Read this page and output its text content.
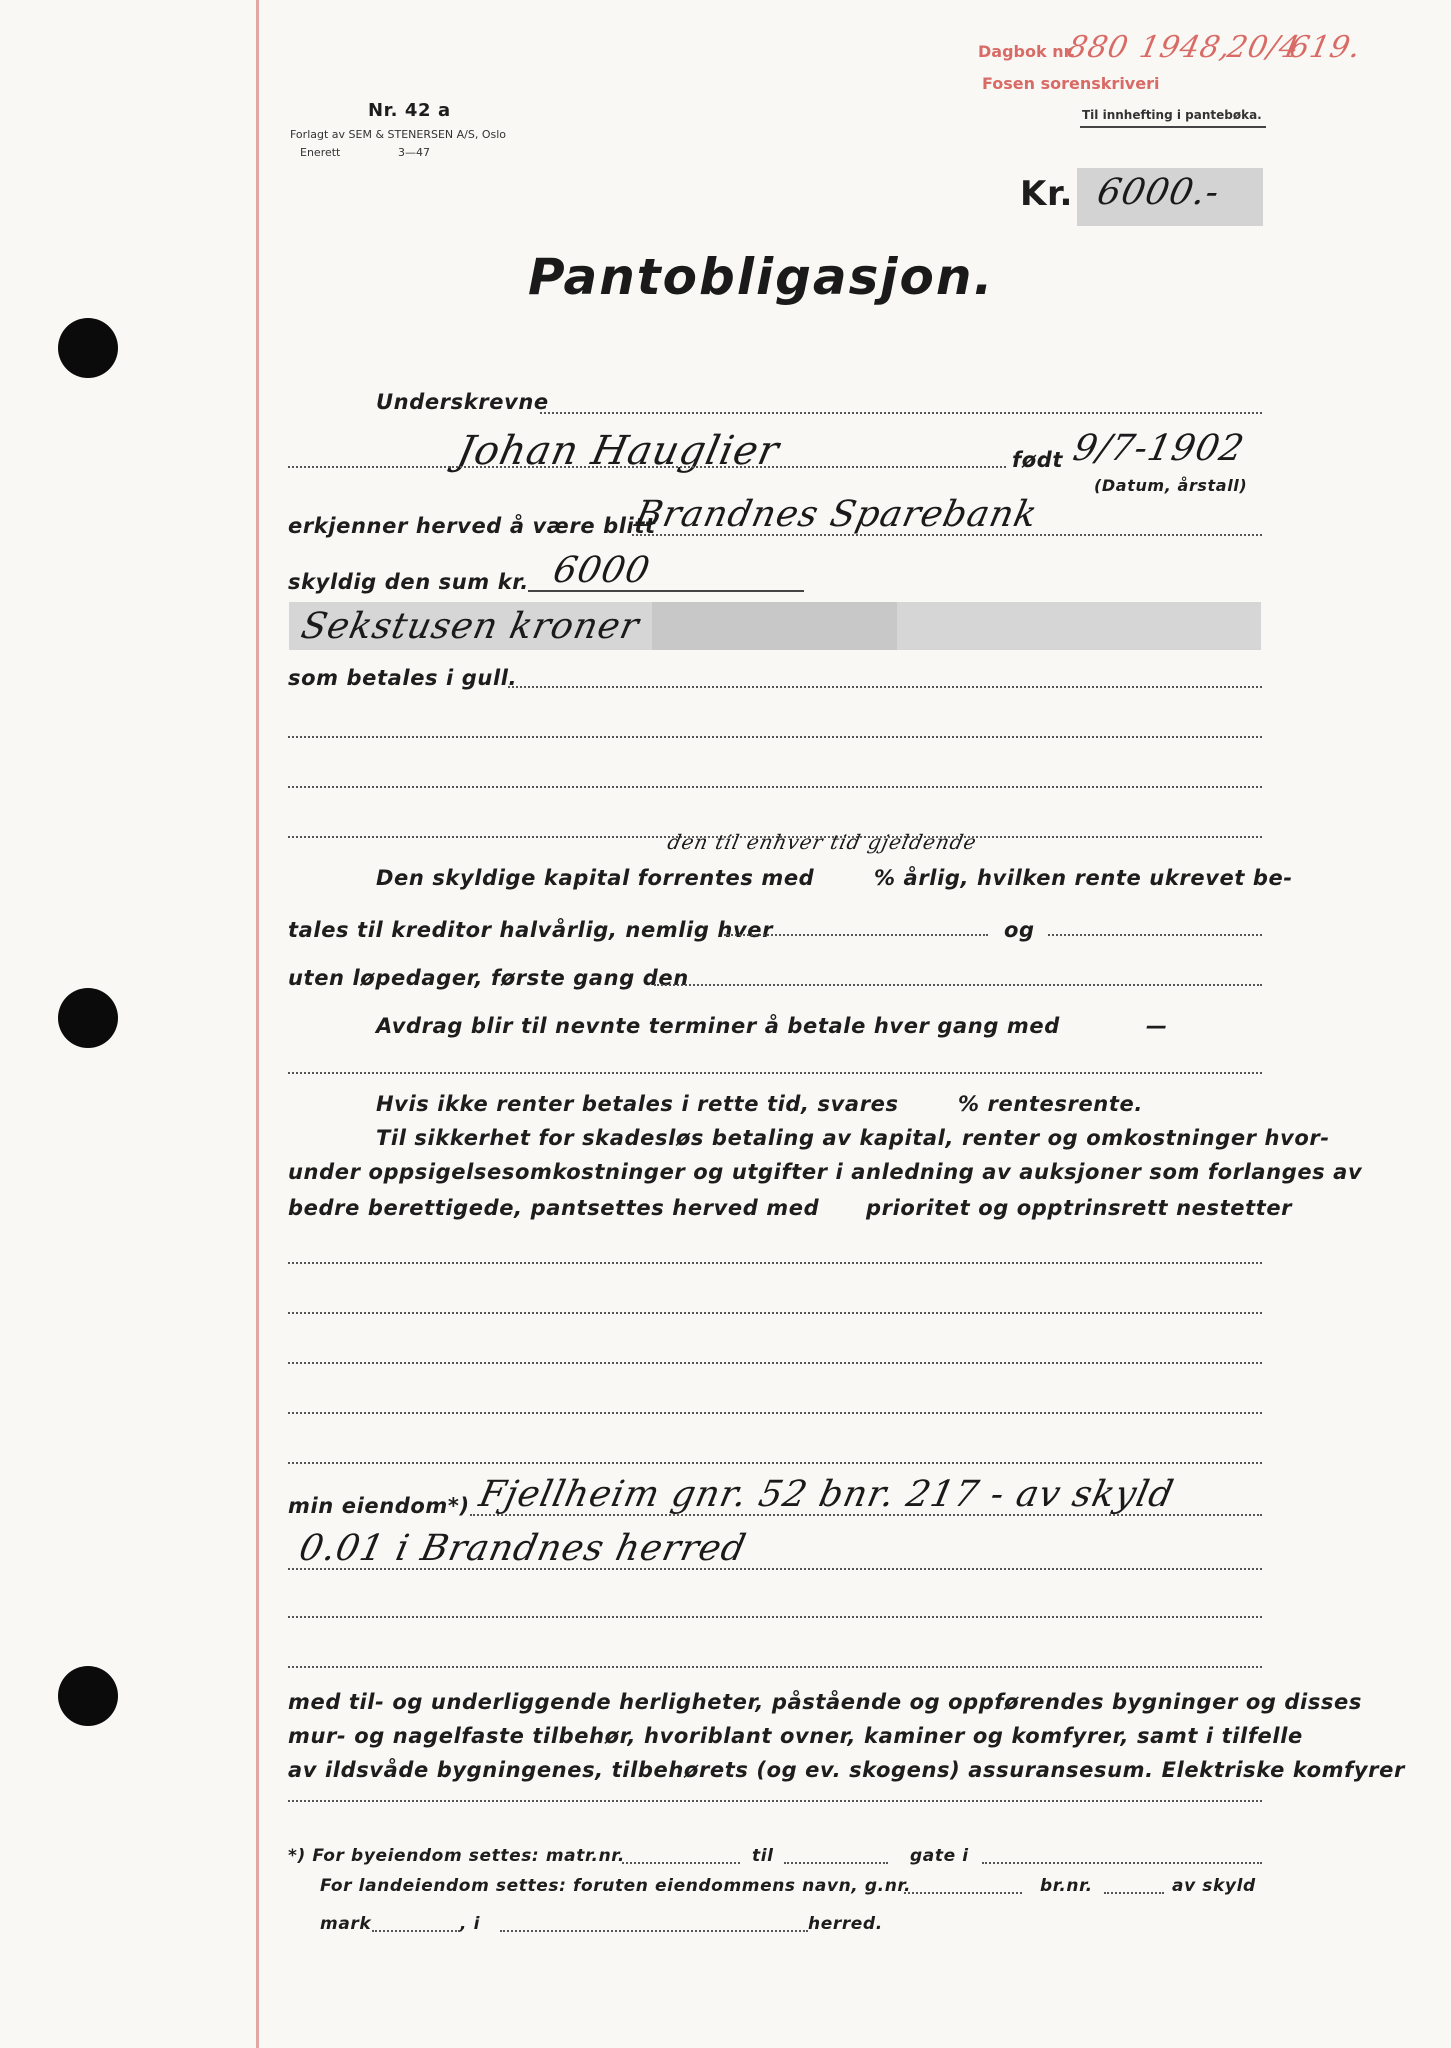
Nr. 42 a
Forlagt av SEM & STENERSEN A/S, Oslo
Enerett	3—47
Dagbok nr.
880 1948,
20/4
619.
Fosen sorenskriveri
Til innhefting i pantebøka.
Kr. 6000.-
Pantobligasjon.
Underskrevne
Johan Hauglier	født 9/7-1902
(Datum, årstall)
erkjenner herved å være blitt
Brandnes Sparebank
skyldig den sum kr. 6000
Sekstusen kroner
som betales i gull.
den til enhver tid gjeldende
Den skyldige kapital forrentes med	% årlig, hvilken rente ukrevet be-
tales til kreditor halvårlig, nemlig hver	og
uten løpedager, første gang den
Avdrag blir til nevnte terminer å betale hver gang med	—
Hvis ikke renter betales i rette tid, svares	% rentesrente.
Til sikkerhet for skadesløs betaling av kapital, renter og omkostninger hvor-
under oppsigelsesomkostninger og utgifter i anledning av auksjoner som forlanges av
bedre berettigede, pantsettes herved med prioritet og opptrinsrett nestetter
min eiendom*) Fjellheim gnr. 52 bnr. 217 - av skyld
0.01 i Brandnes herred
med til- og underliggende herligheter, påstående og oppførendes bygninger og disses
mur- og nagelfaste tilbehør, hvoriblant ovner, kaminer og komfyrer, samt i tilfelle
av ildsvåde bygningenes, tilbehørets (og ev. skogens) assuransesum. Elektriske komfyrer
*) For byeiendom settes: matr.nr.	til	gate i
For landeiendom settes: foruten eiendommens navn, g.nr.	br.nr.	av skyld
mark	, i	herred.
